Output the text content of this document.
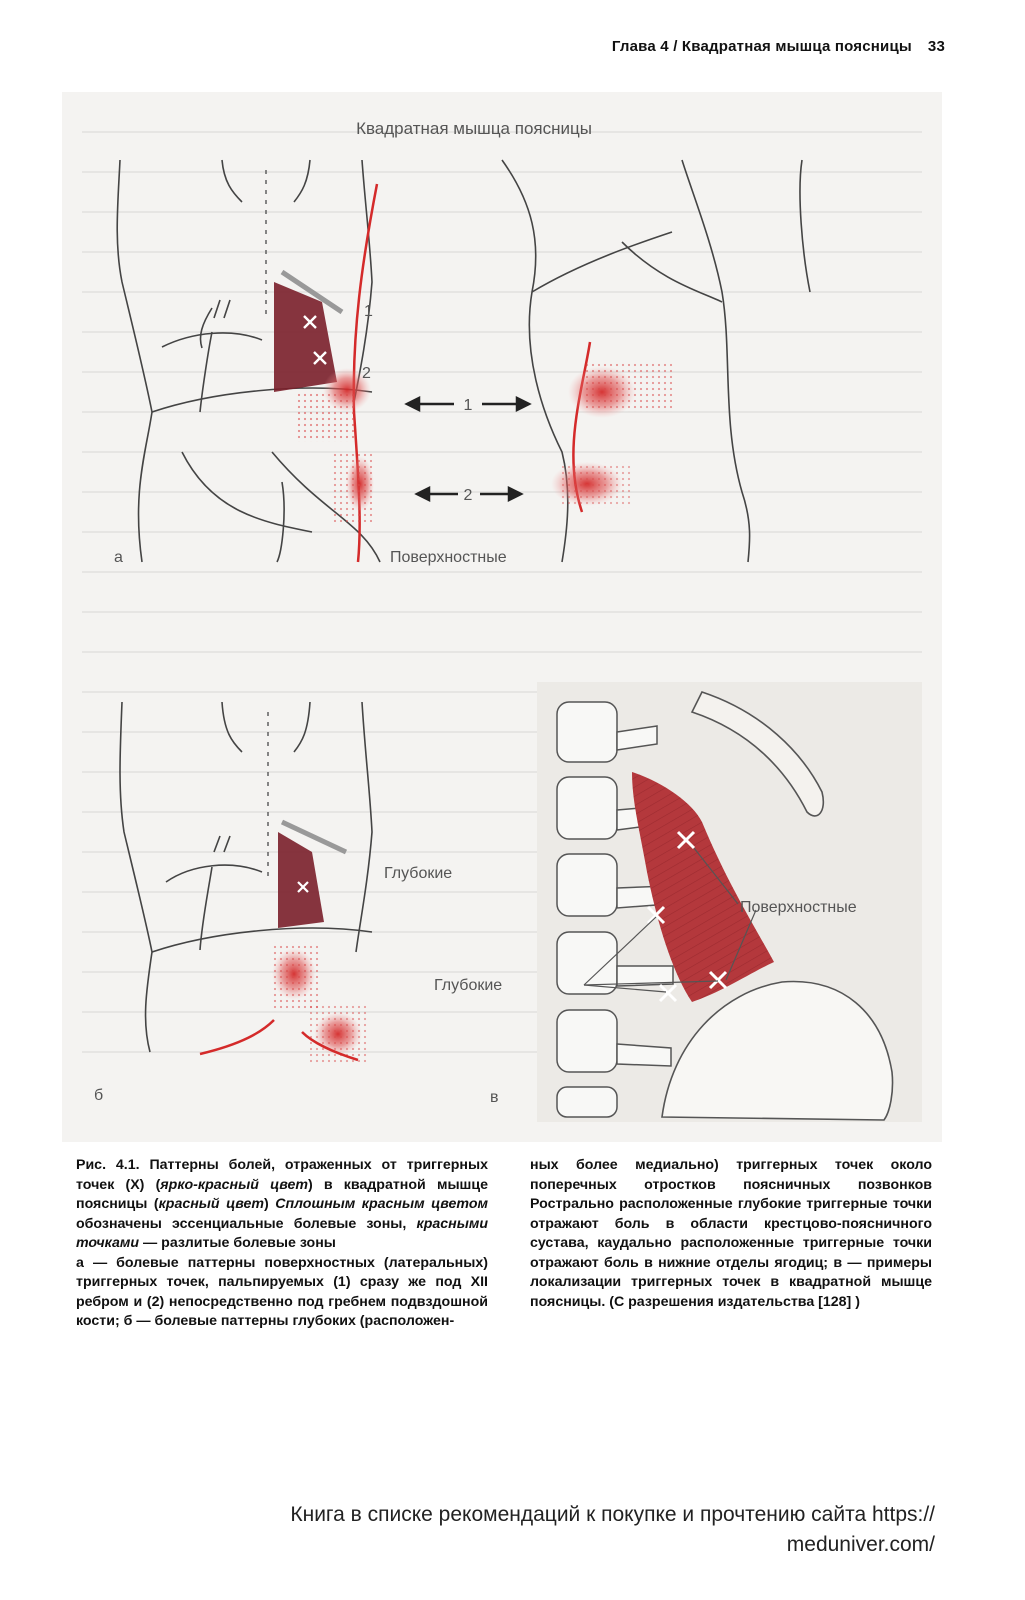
Глава 4 / Квадратная мышца поясницы 33
Квадратная мышца поясницы
1
2
а	Поверхностные
1
2
Глубокие
б
Поверхностные
Глубокие
в

Рис. 4.1. Паттерны болей, отраженных от триггерных точек (X) (ярко-красный цвет) в квадратной мышце поясницы (красный цвет) Сплошным красным цветом обозначены эссенциальные болевые зоны, красными точками — разлитые болевые зоны

а — болевые паттерны поверхностных (латеральных) триггерных точек, пальпируемых (1) сразу же под XII ребром и (2) непосредственно под гребнем подвздошной кости; б — болевые паттерны глубоких (расположен-

ных более медиально) триггерных точек около поперечных отростков поясничных позвонков Рострально расположенные глубокие триггерные точки отражают боль в области крестцово-поясничного сустава, каудально расположенные триггерные точки отражают боль в нижние отделы ягодиц; в — примеры локализации триггерных точек в квадратной мышце поясницы. (С разрешения издательства [128] )

Книга в списке рекомендаций к покупке и прочтению сайта https://
meduniver.com/
